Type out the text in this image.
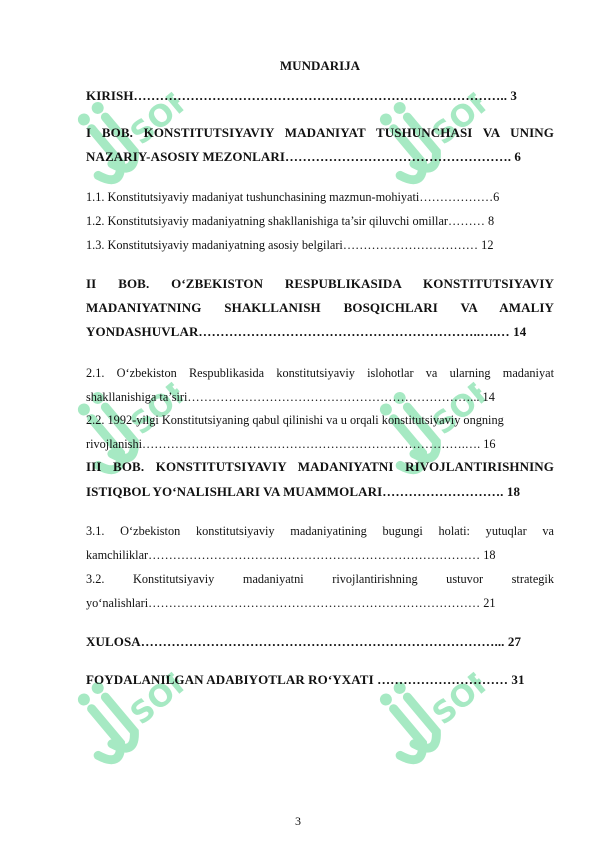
SOFF	SOFF
SOFF	SOFF
SOFF	SOFF
MUNDARIJA
KIRISH………………………………………………………………………….. 3
I BOB. KONSTITUTSIYAVIY MADANIYAT TUSHUNCHASI VA UNING
NAZARIY-ASOSIY MEZONLARI……………………………………………. 6
1.1. Konstitutsiyaviy madaniyat tushunchasining mazmun-mohiyati………………6
1.2. Konstitutsiyaviy madaniyatning shakllanishiga ta’sir qiluvchi omillar……… 8
1.3. Konstitutsiyaviy madaniyatning asosiy belgilari…………………………… 12
II BOB. O‘ZBEKISTON RESPUBLIKASIDA KONSTITUTSIYAVIY
MADANIYATNING SHAKLLANISH BOSQICHLARI VA AMALIY
YONDASHUVLAR………………………………………………………..….… 14
2.1. O‘zbekiston Respublikasida konstitutsiyaviy islohotlar va ularning madaniyat
shakllanishiga ta’siri……………………………………………………………... 14
2.2. 1992-yilgi Konstitutsiyaning qabul qilinishi va u orqali konstitutsiyaviy ongning
rivojlanishi…………………………………………………………………….…. 16
III BOB. KONSTITUTSIYAVIY MADANIYATNI RIVOJLANTIRISHNING
ISTIQBOL YO‘NALISHLARI VA MUAMMOLARI………………………. 18
3.1. O‘zbekiston konstitutsiyaviy madaniyatining bugungi holati: yutuqlar va
kamchiliklar……………………………………………………………………… 18
3.2. Konstitutsiyaviy madaniyatni rivojlantirishning ustuvor strategik
yo‘nalishlari……………………………………………………………………… 21
XULOSA………………………………………………………………………... 27
FOYDALANILGAN ADABIYOTLAR RO‘YXATI ………………………… 31
3
